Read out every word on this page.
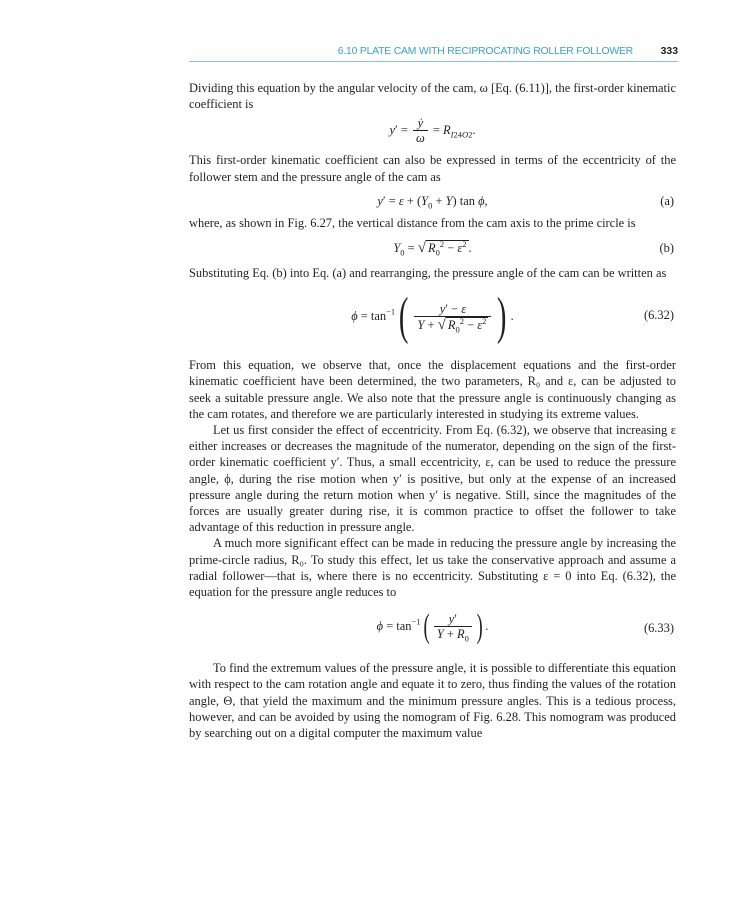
6.10 PLATE CAM WITH RECIPROCATING ROLLER FOLLOWER	333

Dividing this equation by the angular velocity of the cam, ω [Eq. (6.11)], the first-order kinematic coefficient is

$y' = \frac{\text{ẏ}}{\omega} = R_{I24O2}$.

This first-order kinematic coefficient can also be expressed in terms of the eccentricity of the follower stem and the pressure angle of the cam as

$y' = \varepsilon + (Y_0 + Y)$ tan ϕ,	(a)

where, as shown in Fig. 6.27, the vertical distance from the cam axis to the prime circle is

$Y_0$ = √ $R_0^2 - \varepsilon^2$ .	(b)

Substituting Eq. (b) into Eq. (a) and rearranging, the pressure angle of the cam can be written as

$\phi = \tan^{-1}( \frac{y' - \varepsilon}{Y + √ R_0^2 - \varepsilon^2}$ ) .	(6.32)

From this equation, we observe that, once the displacement equations and the first-order kinematic coefficient have been determined, the two parameters, R₀ and ε, can be adjusted to seek a suitable pressure angle. We also note that the pressure angle is continuously changing as the cam rotates, and therefore we are particularly interested in studying its extreme values.

Let us first consider the effect of eccentricity. From Eq. (6.32), we observe that increasing ε either increases or decreases the magnitude of the numerator, depending on the sign of the first-order kinematic coefficient y′. Thus, a small eccentricity, ε, can be used to reduce the pressure angle, ϕ, during the rise motion when y′ is positive, but only at the expense of an increased pressure angle during the return motion when y′ is negative. Still, since the magnitudes of the forces are usually greater during rise, it is common practice to offset the follower to take advantage of this reduction in pressure angle.

A much more significant effect can be made in reducing the pressure angle by increasing the prime-circle radius, R₀. To study this effect, let us take the conservative approach and assume a radial follower—that is, where there is no eccentricity. Substituting ε = 0 into Eq. (6.32), the equation for the pressure angle reduces to

$\phi = \tan^{-1}( \frac{y'}{Y + R_0}$ ) .	(6.33)

To find the extremum values of the pressure angle, it is possible to differentiate this equation with respect to the cam rotation angle and equate it to zero, thus finding the values of the rotation angle, Θ, that yield the maximum and the minimum pressure angles. This is a tedious process, however, and can be avoided by using the nomogram of Fig. 6.28. This nomogram was produced by searching out on a digital computer the maximum value
